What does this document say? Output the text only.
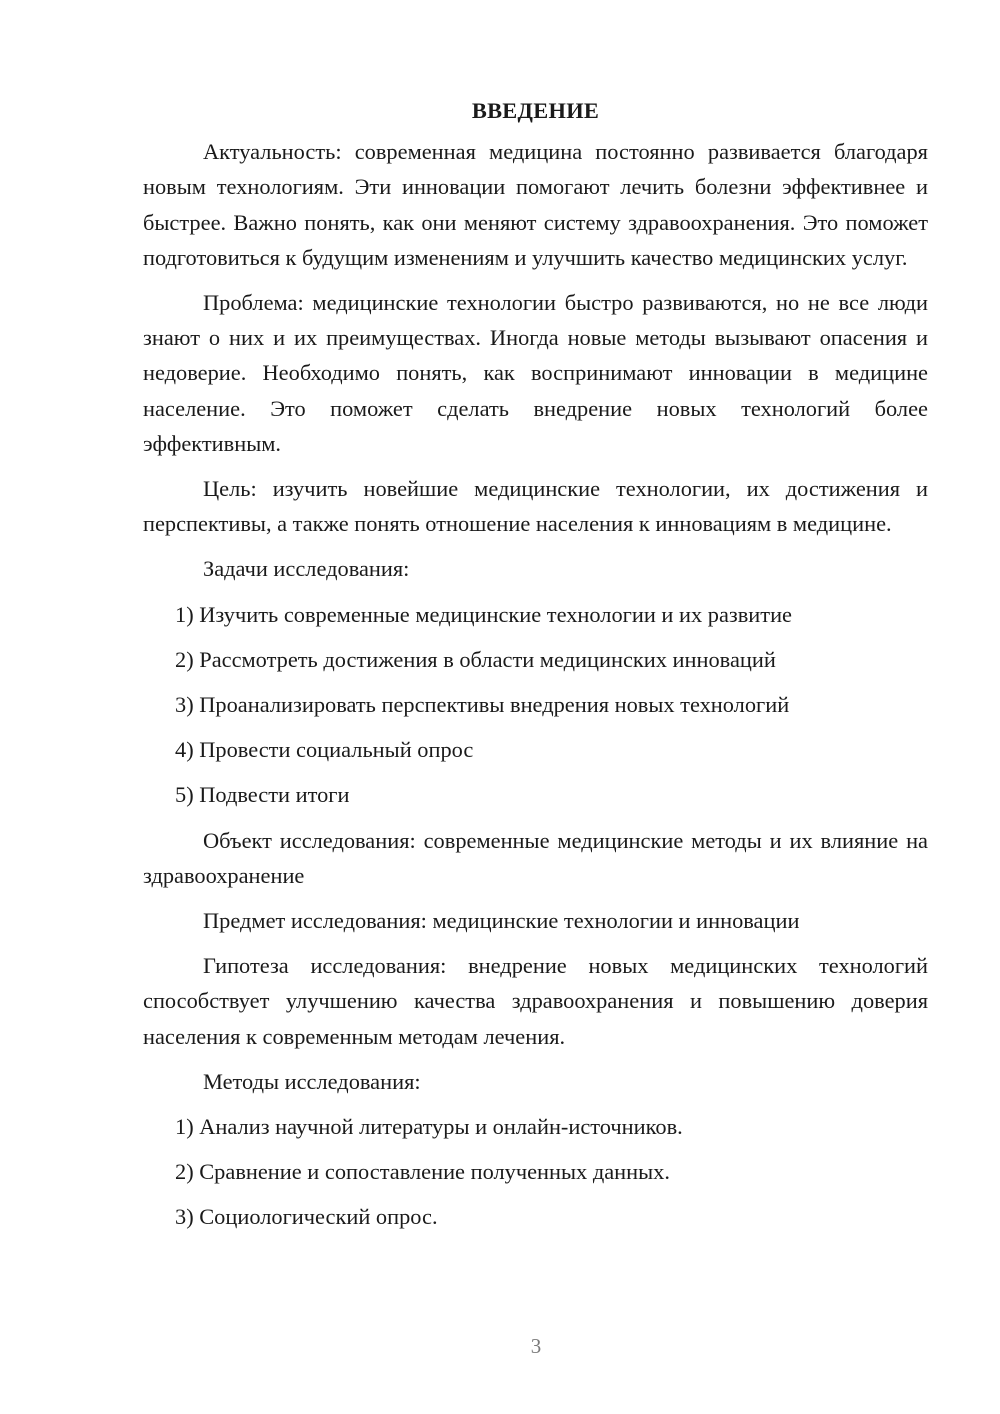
ВВЕДЕНИЕ

Актуальность: современная медицина постоянно развивается благодаря новым технологиям. Эти инновации помогают лечить болезни эффективнее и быстрее. Важно понять, как они меняют систему здравоохранения. Это поможет подготовиться к будущим изменениям и улучшить качество медицинских услуг.

Проблема: медицинские технологии быстро развиваются, но не все люди знают о них и их преимуществах. Иногда новые методы вызывают опасения и недоверие. Необходимо понять, как воспринимают инновации в медицине население. Это поможет сделать внедрение новых технологий более эффективным.

Цель: изучить новейшие медицинские технологии, их достижения и перспективы, а также понять отношение населения к инновациям в медицине.

Задачи исследования:

1) Изучить современные медицинские технологии и их развитие

2) Рассмотреть достижения в области медицинских инноваций

3) Проанализировать перспективы внедрения новых технологий

4) Провести социальный опрос

5) Подвести итоги

Объект исследования: современные медицинские методы и их влияние на здравоохранение

Предмет исследования: медицинские технологии и инновации

Гипотеза исследования: внедрение новых медицинских технологий способствует улучшению качества здравоохранения и повышению доверия населения к современным методам лечения.

Методы исследования:

1) Анализ научной литературы и онлайн-источников.

2) Сравнение и сопоставление полученных данных.

3) Социологический опрос.

3
